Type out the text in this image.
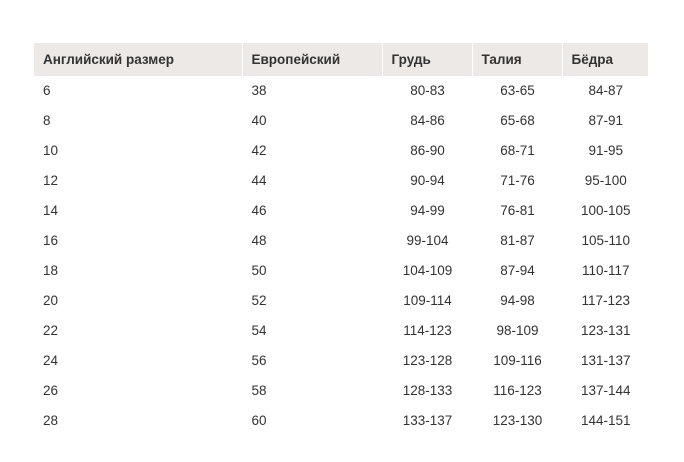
Английский размер	Европейский	Грудь	Талия	Бёдра
6	38	80-83	63-65	84-87
8	40	84-86	65-68	87-91
10	42	86-90	68-71	91-95
12	44	90-94	71-76	95-100
14	46	94-99	76-81	100-105
16	48	99-104	81-87	105-110
18	50	104-109	87-94	110-117
20	52	109-114	94-98	117-123
22	54	114-123	98-109	123-131
24	56	123-128	109-116	131-137
26	58	128-133	116-123	137-144
28	60	133-137	123-130	144-151
